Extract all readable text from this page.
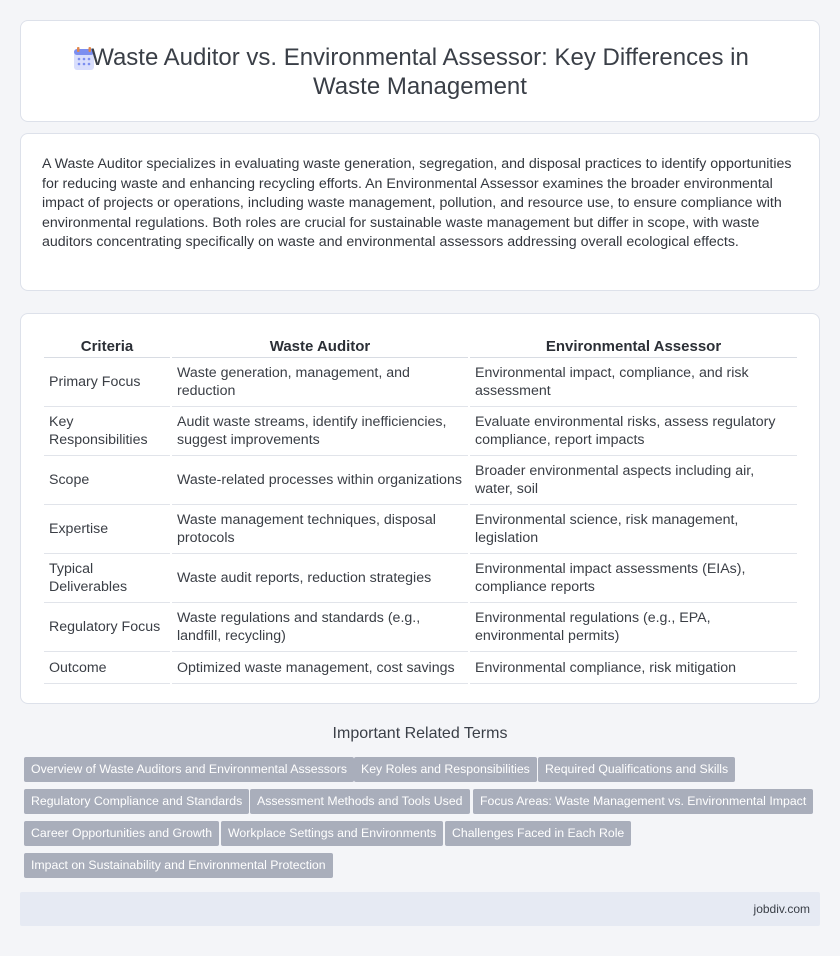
Waste Auditor vs. Environmental Assessor: Key Differences in Waste Management

A Waste Auditor specializes in evaluating waste generation, segregation, and disposal practices to identify opportunities for reducing waste and enhancing recycling efforts. An Environmental Assessor examines the broader environmental impact of projects or operations, including waste management, pollution, and resource use, to ensure compliance with environmental regulations. Both roles are crucial for sustainable waste management but differ in scope, with waste auditors concentrating specifically on waste and environmental assessors addressing overall ecological effects.

Criteria	Waste Auditor	Environmental Assessor
Primary Focus	Waste generation, management, and reduction	Environmental impact, compliance, and risk assessment
Key Responsibilities	Audit waste streams, identify inefficiencies, suggest improvements	Evaluate environmental risks, assess regulatory compliance, report impacts
Scope	Waste-related processes within organizations	Broader environmental aspects including air, water, soil
Expertise	Waste management techniques, disposal protocols	Environmental science, risk management, legislation
Typical Deliverables	Waste audit reports, reduction strategies	Environmental impact assessments (EIAs), compliance reports
Regulatory Focus	Waste regulations and standards (e.g., landfill, recycling)	Environmental regulations (e.g., EPA, environmental permits)
Outcome	Optimized waste management, cost savings	Environmental compliance, risk mitigation
Important Related Terms
Overview of Waste Auditors and Environmental Assessors	Key Roles and Responsibilities	Required Qualifications and Skills
Regulatory Compliance and Standards	Assessment Methods and Tools Used	Focus Areas: Waste Management vs. Environmental Impact
Career Opportunities and Growth	Workplace Settings and Environments	Challenges Faced in Each Role
Impact on Sustainability and Environmental Protection
jobdiv.com
